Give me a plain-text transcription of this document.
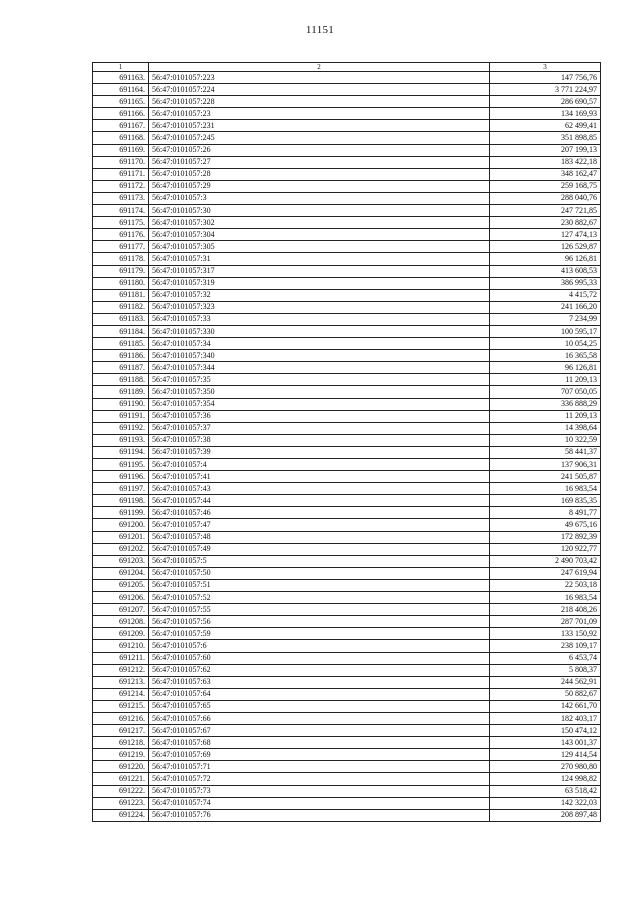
11151
1	2	3
691163.	56:47:0101057:223	147 756,76
691164.	56:47:0101057:224	3 771 224,97
691165.	56:47:0101057:228	286 690,57
691166.	56:47:0101057:23	134 169,93
691167.	56:47:0101057:231	62 499,41
691168.	56:47:0101057:245	351 898,85
691169.	56:47:0101057:26	207 199,13
691170.	56:47:0101057:27	183 422,18
691171.	56:47:0101057:28	348 162,47
691172.	56:47:0101057:29	259 168,75
691173.	56:47:0101057:3	288 040,76
691174.	56:47:0101057:30	247 721,85
691175.	56:47:0101057:302	230 882,67
691176.	56:47:0101057:304	127 474,13
691177.	56:47:0101057:305	126 529,87
691178.	56:47:0101057:31	96 126,81
691179.	56:47:0101057:317	413 608,53
691180.	56:47:0101057:319	386 995,33
691181.	56:47:0101057:32	4 415,72
691182.	56:47:0101057:323	241 166,20
691183.	56:47:0101057:33	7 234,99
691184.	56:47:0101057:330	100 595,17
691185.	56:47:0101057:34	10 054,25
691186.	56:47:0101057:340	16 365,58
691187.	56:47:0101057:344	96 126,81
691188.	56:47:0101057:35	11 209,13
691189.	56:47:0101057:350	707 050,05
691190.	56:47:0101057:354	336 888,29
691191.	56:47:0101057:36	11 209,13
691192.	56:47:0101057:37	14 398,64
691193.	56:47:0101057:38	10 322,59
691194.	56:47:0101057:39	58 441,37
691195.	56:47:0101057:4	137 906,31
691196.	56:47:0101057:41	241 505,87
691197.	56:47:0101057:43	16 983,54
691198.	56:47:0101057:44	169 835,35
691199.	56:47:0101057:46	8 491,77
691200.	56:47:0101057:47	49 675,16
691201.	56:47:0101057:48	172 892,39
691202.	56:47:0101057:49	120 922,77
691203.	56:47:0101057:5	2 490 703,42
691204.	56:47:0101057:50	247 619,94
691205.	56:47:0101057:51	22 503,18
691206.	56:47:0101057:52	16 983,54
691207.	56:47:0101057:55	218 408,26
691208.	56:47:0101057:56	287 701,09
691209.	56:47:0101057:59	133 150,92
691210.	56:47:0101057:6	238 109,17
691211.	56:47:0101057:60	6 453,74
691212.	56:47:0101057:62	5 808,37
691213.	56:47:0101057:63	244 562,91
691214.	56:47:0101057:64	50 882,67
691215.	56:47:0101057:65	142 661,70
691216.	56:47:0101057:66	182 403,17
691217.	56:47:0101057:67	150 474,12
691218.	56:47:0101057:68	143 001,37
691219.	56:47:0101057:69	129 414,54
691220.	56:47:0101057:71	270 980,80
691221.	56:47:0101057:72	124 998,82
691222.	56:47:0101057:73	63 518,42
691223.	56:47:0101057:74	142 322,03
691224.	56:47:0101057:76	208 897,48
